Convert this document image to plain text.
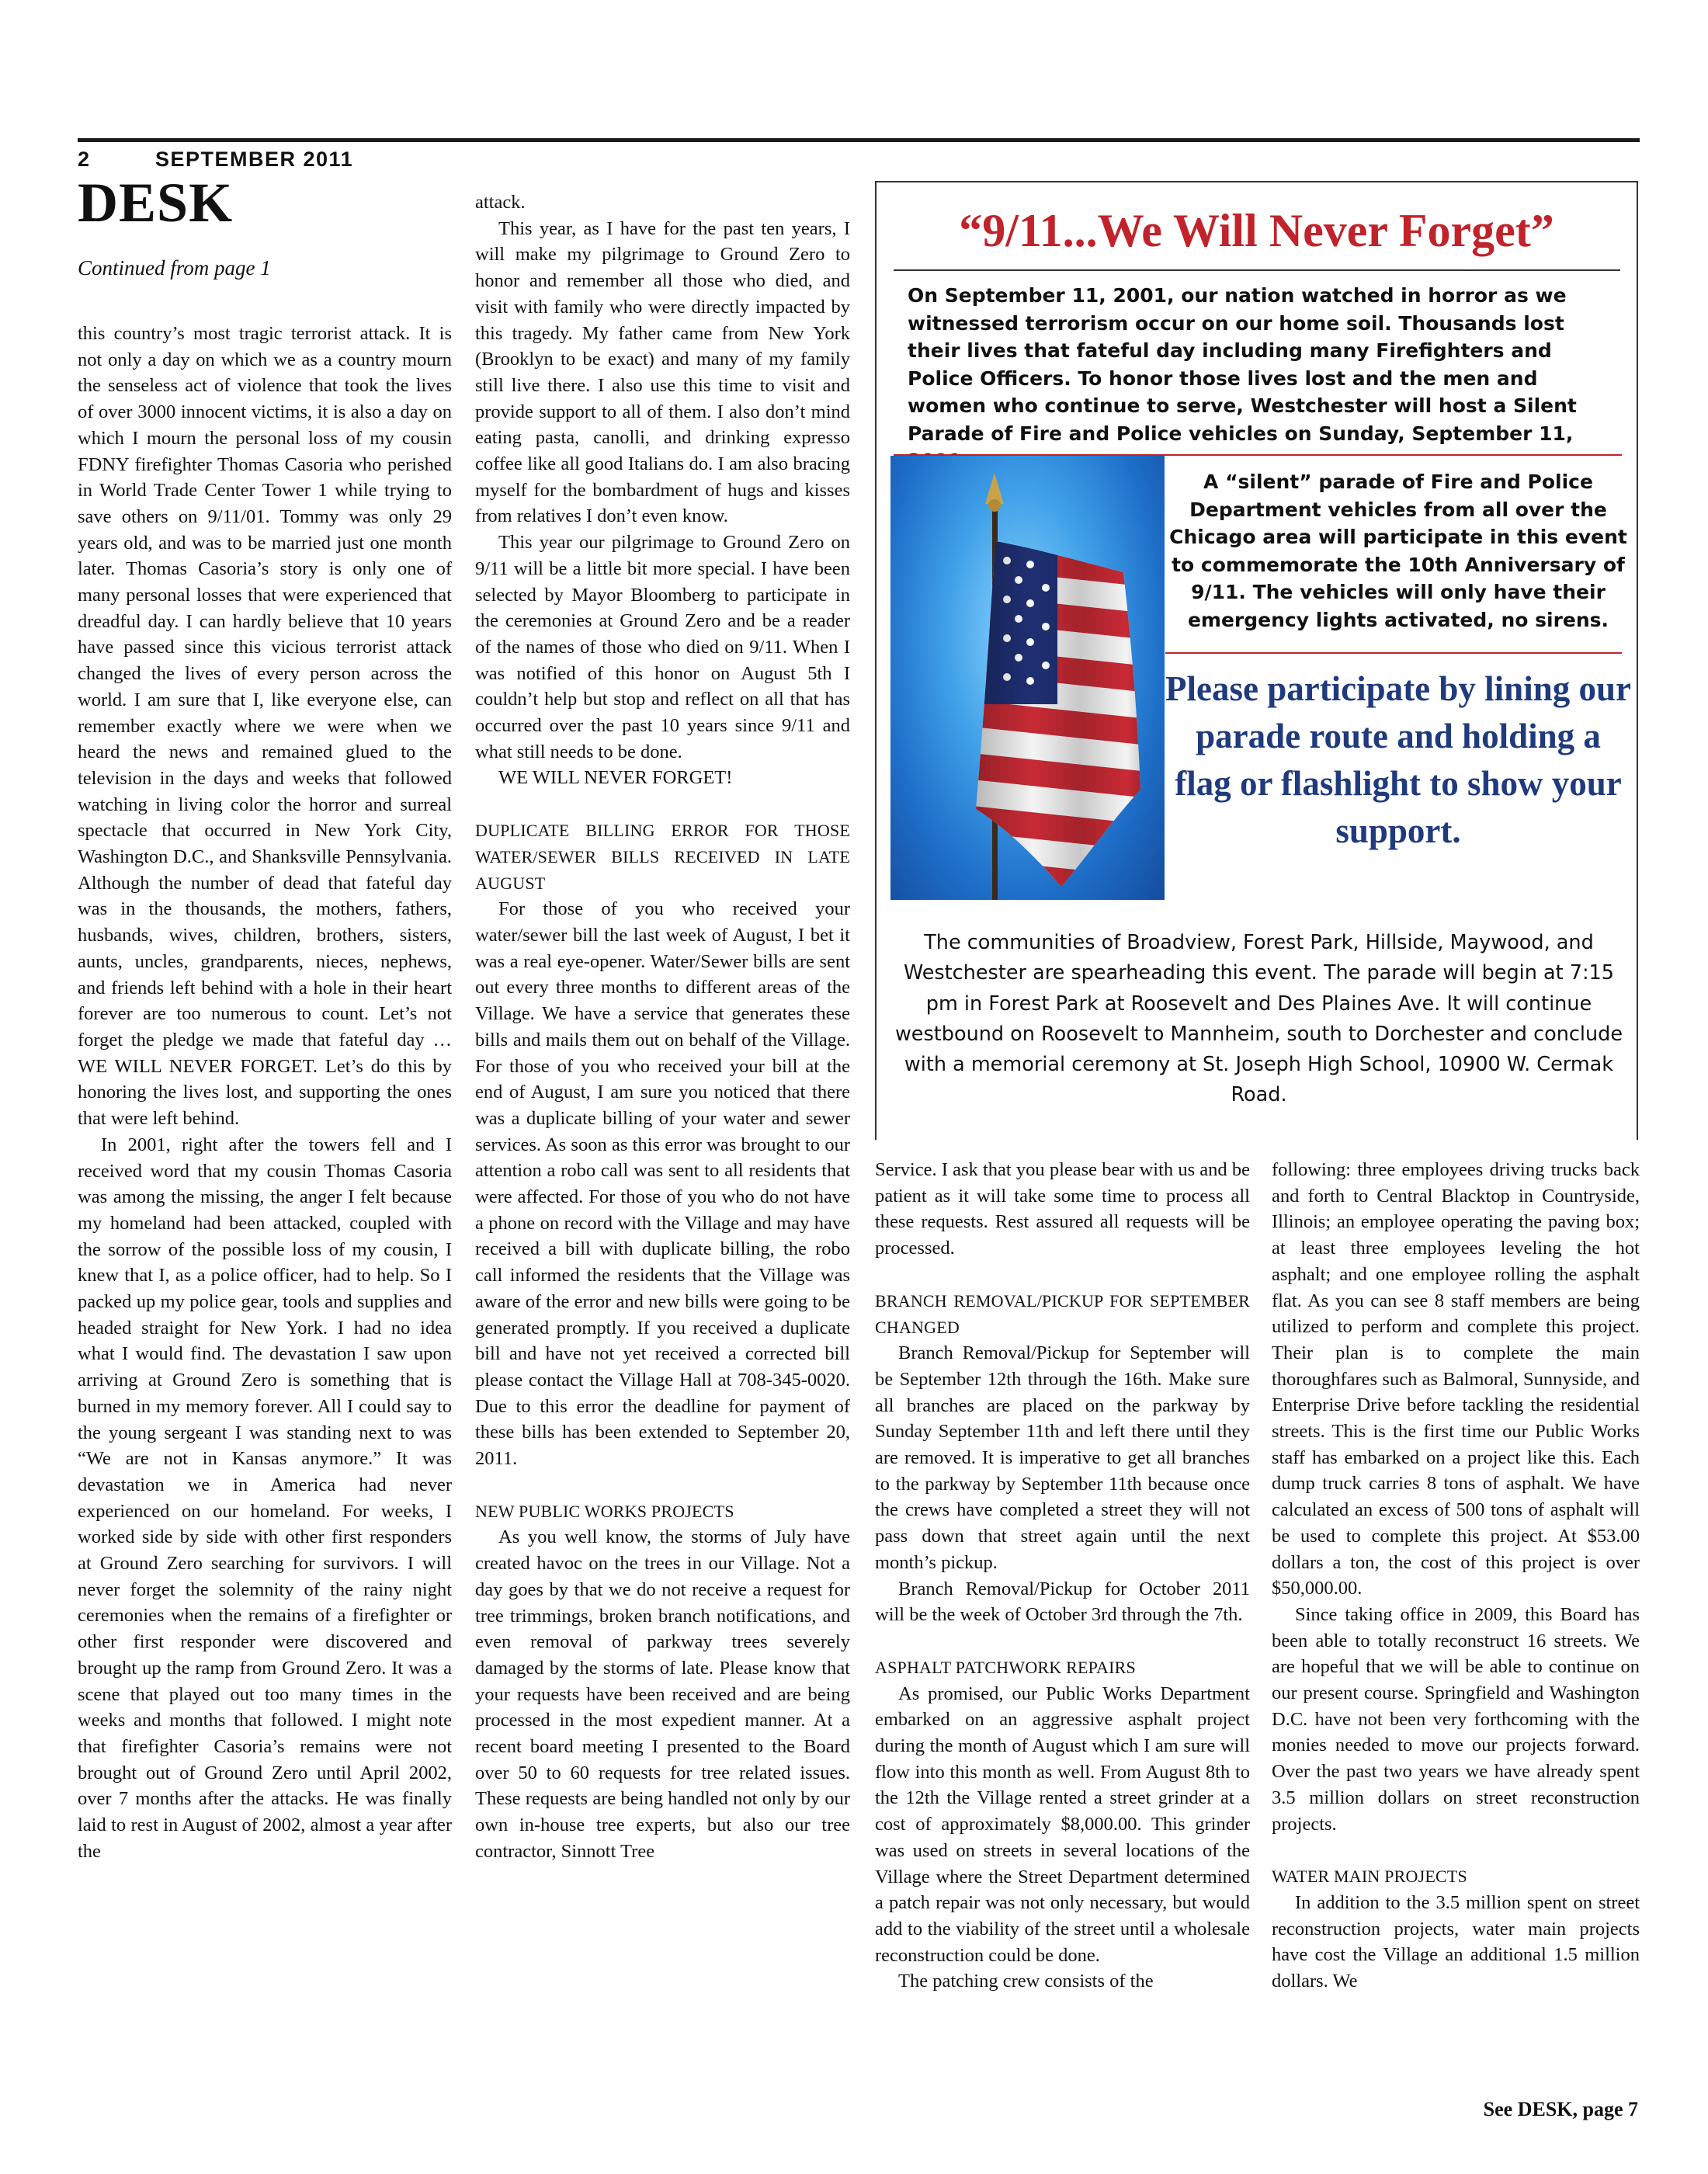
2	SEPTEMBER 2011
DESK
Continued from page 1

this country’s most tragic terrorist attack. It is not only a day on which we as a country mourn the senseless act of violence that took the lives of over 3000 innocent victims, it is also a day on which I mourn the personal loss of my cousin FDNY firefighter Thomas Casoria who perished in World Trade Center Tower 1 while trying to save others on 9/11/01. Tommy was only 29 years old, and was to be married just one month later. Thomas Casoria’s story is only one of many personal losses that were experienced that dreadful day. I can hardly believe that 10 years have passed since this vicious terrorist attack changed the lives of every person across the world. I am sure that I, like everyone else, can remember exactly where we were when we heard the news and remained glued to the television in the days and weeks that followed watching in living color the horror and surreal spectacle that occurred in New York City, Washington D.C., and Shanksville Pennsylvania. Although the number of dead that fateful day was in the thousands, the mothers, fathers, husbands, wives, children, brothers, sisters, aunts, uncles, grandparents, nieces, nephews, and friends left behind with a hole in their heart forever are too numerous to count. Let’s not forget the pledge we made that fateful day … WE WILL NEVER FORGET. Let’s do this by honoring the lives lost, and supporting the ones that were left behind.

In 2001, right after the towers fell and I received word that my cousin Thomas Casoria was among the missing, the anger I felt because my homeland had been attacked, coupled with the sorrow of the possible loss of my cousin, I knew that I, as a police officer, had to help. So I packed up my police gear, tools and supplies and headed straight for New York. I had no idea what I would find. The devastation I saw upon arriving at Ground Zero is something that is burned in my memory forever. All I could say to the young sergeant I was standing next to was “We are not in Kansas anymore.” It was devastation we in America had never experienced on our homeland. For weeks, I worked side by side with other first responders at Ground Zero searching for survivors. I will never forget the solemnity of the rainy night ceremonies when the remains of a firefighter or other first responder were discovered and brought up the ramp from Ground Zero. It was a scene that played out too many times in the weeks and months that followed. I might note that firefighter Casoria’s remains were not brought out of Ground Zero until April 2002, over 7 months after the attacks. He was finally laid to rest in August of 2002, almost a year after the

attack.

This year, as I have for the past ten years, I will make my pilgrimage to Ground Zero to honor and remember all those who died, and visit with family who were directly impacted by this tragedy. My father came from New York (Brooklyn to be exact) and many of my family still live there. I also use this time to visit and provide support to all of them. I also don’t mind eating pasta, canolli, and drinking expresso coffee like all good Italians do. I am also bracing myself for the bombardment of hugs and kisses from relatives I don’t even know.

This year our pilgrimage to Ground Zero on 9/11 will be a little bit more special. I have been selected by Mayor Bloomberg to participate in the ceremonies at Ground Zero and be a reader of the names of those who died on 9/11. When I was notified of this honor on August 5th I couldn’t help but stop and reflect on all that has occurred over the past 10 years since 9/11 and what still needs to be done.

WE WILL NEVER FORGET!

DUPLICATE BILLING ERROR FOR THOSE WATER/SEWER BILLS RECEIVED IN LATE AUGUST

For those of you who received your water/sewer bill the last week of August, I bet it was a real eye-opener. Water/Sewer bills are sent out every three months to different areas of the Village. We have a service that generates these bills and mails them out on behalf of the Village. For those of you who received your bill at the end of August, I am sure you noticed that there was a duplicate billing of your water and sewer services. As soon as this error was brought to our attention a robo call was sent to all residents that were affected. For those of you who do not have a phone on record with the Village and may have received a bill with duplicate billing, the robo call informed the residents that the Village was aware of the error and new bills were going to be generated promptly. If you received a duplicate bill and have not yet received a corrected bill please contact the Village Hall at 708-345-0020. Due to this error the deadline for payment of these bills has been extended to September 20, 2011.

NEW PUBLIC WORKS PROJECTS

As you well know, the storms of July have created havoc on the trees in our Village. Not a day goes by that we do not receive a request for tree trimmings, broken branch notifications, and even removal of parkway trees severely damaged by the storms of late. Please know that your requests have been received and are being processed in the most expedient manner. At a recent board meeting I presented to the Board over 50 to 60 requests for tree related issues. These requests are being handled not only by our own in-house tree experts, but also our tree contractor, Sinnott Tree

Service. I ask that you please bear with us and be patient as it will take some time to process all these requests. Rest assured all requests will be processed.

BRANCH REMOVAL/PICKUP FOR SEPTEMBER CHANGED

Branch Removal/Pickup for September will be September 12th through the 16th. Make sure all branches are placed on the parkway by Sunday September 11th and left there until they are removed. It is imperative to get all branches to the parkway by September 11th because once the crews have completed a street they will not pass down that street again until the next month’s pickup.

Branch Removal/Pickup for October 2011 will be the week of October 3rd through the 7th.

ASPHALT PATCHWORK REPAIRS

As promised, our Public Works Department embarked on an aggressive asphalt project during the month of August which I am sure will flow into this month as well. From August 8th to the 12th the Village rented a street grinder at a cost of approximately $8,000.00. This grinder was used on streets in several locations of the Village where the Street Department determined a patch repair was not only necessary, but would add to the viability of the street until a wholesale reconstruction could be done.

The patching crew consists of the

following: three employees driving trucks back and forth to Central Blacktop in Countryside, Illinois; an employee operating the paving box; at least three employees leveling the hot asphalt; and one employee rolling the asphalt flat. As you can see 8 staff members are being utilized to perform and complete this project. Their plan is to complete the main thoroughfares such as Balmoral, Sunnyside, and Enterprise Drive before tackling the residential streets. This is the first time our Public Works staff has embarked on a project like this. Each dump truck carries 8 tons of asphalt. We have calculated an excess of 500 tons of asphalt will be used to complete this project. At $53.00 dollars a ton, the cost of this project is over $50,000.00.

Since taking office in 2009, this Board has been able to totally reconstruct 16 streets. We are hopeful that we will be able to continue on our present course. Springfield and Washington D.C. have not been very forthcoming with the monies needed to move our projects forward. Over the past two years we have already spent 3.5 million dollars on street reconstruction projects.

WATER MAIN PROJECTS

In addition to the 3.5 million spent on street reconstruction projects, water main projects have cost the Village an additional 1.5 million dollars. We

See DESK, page 7
“9/11...We Will Never Forget”
On September 11, 2001, our nation watched in horror as we witnessed terrorism occur on our home soil. Thousands lost their lives that fateful day including many Firefighters and Police Officers. To honor those lives lost and the men and women who continue to serve, Westchester will host a Silent Parade of Fire and Police vehicles on Sunday, September 11,
A “silent” parade of Fire and Police Department vehicles from all over the Chicago area will participate in this event to commemorate the 10th Anniversary of 9/11. The vehicles will only have their emergency lights activated, no sirens.
Please participate by lining our parade route and holding a flag or flashlight to show your support.
The communities of Broadview, Forest Park, Hillside, Maywood, and Westchester are spearheading this event. The parade will begin at 7:15 pm in Forest Park at Roosevelt and Des Plaines Ave. It will continue westbound on Roosevelt to Mannheim, south to Dorchester and conclude with a memorial ceremony at St. Joseph High School, 10900 W. Cermak Road.
